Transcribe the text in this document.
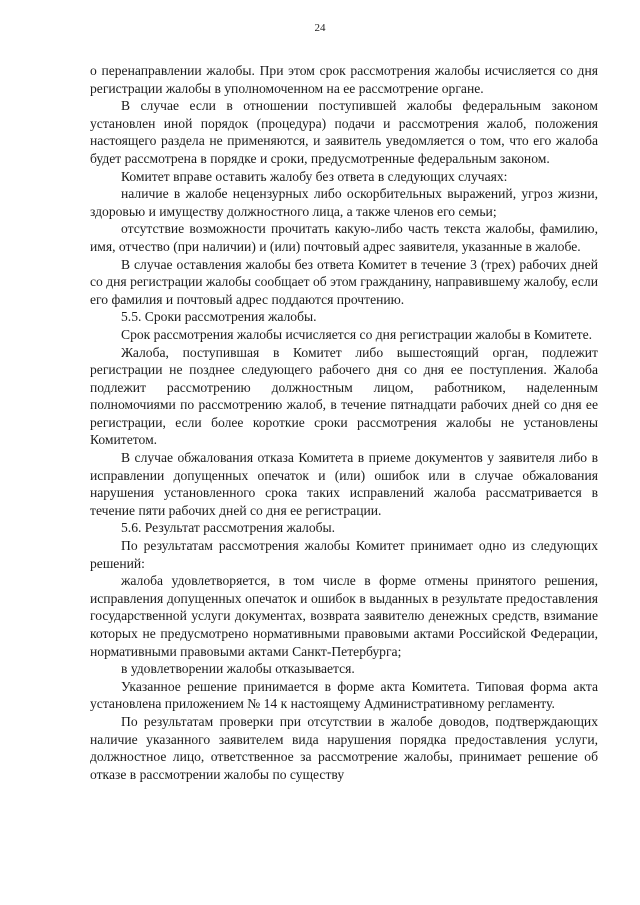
24

о перенаправлении жалобы. При этом срок рассмотрения жалобы исчисляется со дня регистрации жалобы в уполномоченном на ее рассмотрение органе.

В случае если в отношении поступившей жалобы федеральным законом установлен иной порядок (процедура) подачи и рассмотрения жалоб, положения настоящего раздела не применяются, и заявитель уведомляется о том, что его жалоба будет рассмотрена в порядке и сроки, предусмотренные федеральным законом.

Комитет вправе оставить жалобу без ответа в следующих случаях:

наличие в жалобе нецензурных либо оскорбительных выражений, угроз жизни, здоровью и имуществу должностного лица, а также членов его семьи;

отсутствие возможности прочитать какую-либо часть текста жалобы, фамилию, имя, отчество (при наличии) и (или) почтовый адрес заявителя, указанные в жалобе.

В случае оставления жалобы без ответа Комитет в течение 3 (трех) рабочих дней со дня регистрации жалобы сообщает об этом гражданину, направившему жалобу, если его фамилия и почтовый адрес поддаются прочтению.

5.5. Сроки рассмотрения жалобы.

Срок рассмотрения жалобы исчисляется со дня регистрации жалобы в Комитете.

Жалоба, поступившая в Комитет либо вышестоящий орган, подлежит регистрации не позднее следующего рабочего дня со дня ее поступления. Жалоба подлежит рассмотрению должностным лицом, работником, наделенным полномочиями по рассмотрению жалоб, в течение пятнадцати рабочих дней со дня ее регистрации, если более короткие сроки рассмотрения жалобы не установлены Комитетом.

В случае обжалования отказа Комитета в приеме документов у заявителя либо в исправлении допущенных опечаток и (или) ошибок или в случае обжалования нарушения установленного срока таких исправлений жалоба рассматривается в течение пяти рабочих дней со дня ее регистрации.

5.6. Результат рассмотрения жалобы.

По результатам рассмотрения жалобы Комитет принимает одно из следующих решений:

жалоба удовлетворяется, в том числе в форме отмены принятого решения, исправления допущенных опечаток и ошибок в выданных в результате предоставления государственной услуги документах, возврата заявителю денежных средств, взимание которых не предусмотрено нормативными правовыми актами Российской Федерации, нормативными правовыми актами Санкт-Петербурга;

в удовлетворении жалобы отказывается.

Указанное решение принимается в форме акта Комитета. Типовая форма акта установлена приложением № 14 к настоящему Административному регламенту.

По результатам проверки при отсутствии в жалобе доводов, подтверждающих наличие указанного заявителем вида нарушения порядка предоставления услуги, должностное лицо, ответственное за рассмотрение жалобы, принимает решение об отказе в рассмотрении жалобы по существу
